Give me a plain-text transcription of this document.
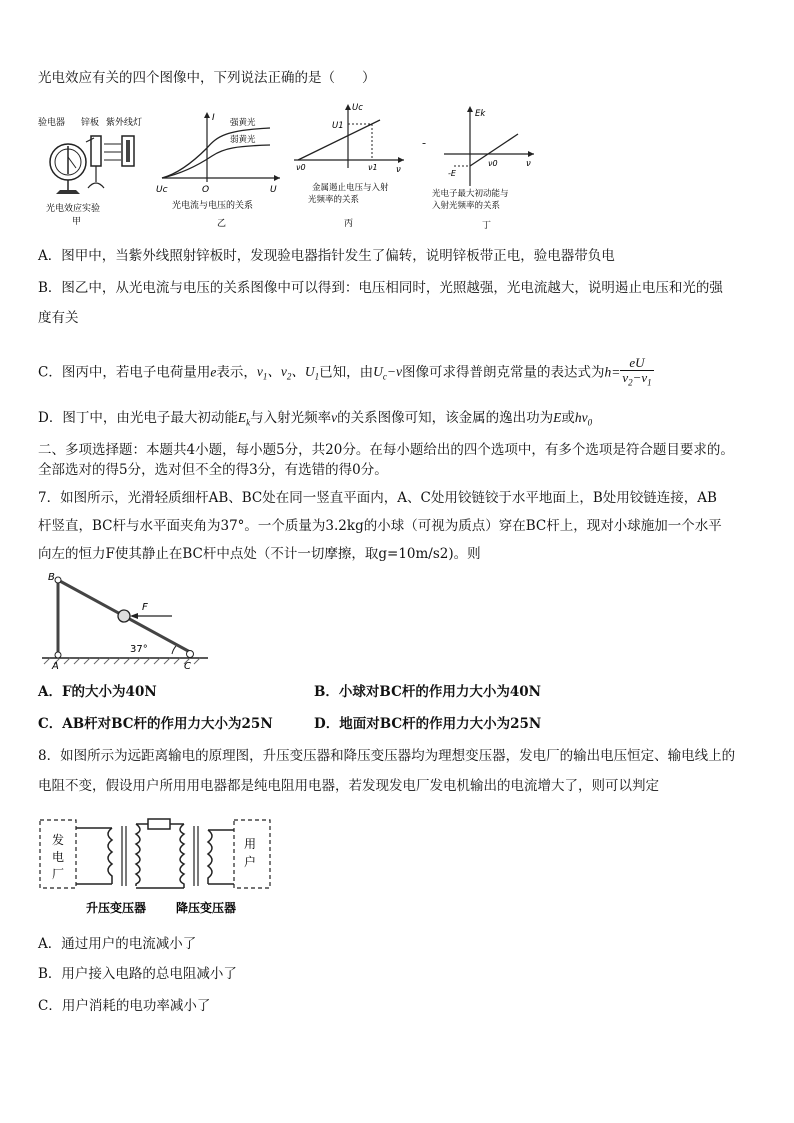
光电效应有关的四个图像中，下列说法正确的是（　　）
验电器 锌板 紫外线灯
光电效应实验
甲
I
U
O
Uc
强黄光
弱黄光
光电流与电压的关系
乙
Uc
ν
U1
ν0	ν1
金属遏止电压与入射
光频率的关系
丙
-
Ek
ν
-E
ν0
光电子最大初动能与
入射光频率的关系
丁
A．图甲中，当紫外线照射锌板时，发现验电器指针发生了偏转，说明锌板带正电，验电器带负电
B．图乙中，从光电流与电压的关系图像中可以得到：电压相同时，光照越强，光电流越大，说明遏止电压和光的强
度有关
C．图丙中，若电子电荷量用e表示，$\nu_1$、$\nu_2$、$U_1$已知，由$U_c-\nu$图像可求得普朗克常量的表达式为$h= \frac{eU}{\nu_2-\nu_1}$
D．图丁中，由光电子最大初动能$E_k$与入射光频率ν的关系图像可知，该金属的逸出功为E或$h\nu_0$
二、多项选择题：本题共4小题，每小题5分，共20分。在每小题给出的四个选项中，有多个选项是符合题目要求的。
全部选对的得5分，选对但不全的得3分，有选错的得0分。
7．如图所示，光滑轻质细杆AB、BC处在同一竖直平面内，A、C处用铰链铰于水平地面上，B处用铰链连接，AB
杆竖直，BC杆与水平面夹角为37°。一个质量为3.2kg的小球（可视为质点）穿在BC杆上，现对小球施加一个水平
向左的恒力F使其静止在BC杆中点处（不计一切摩擦，取g=10m/s2)。则
B
A	C
F
37°
A．F的大小为40N	B．小球对BC杆的作用力大小为40N
C．AB杆对BC杆的作用力大小为25N	D．地面对BC杆的作用力大小为25N
8．如图所示为远距离输电的原理图，升压变压器和降压变压器均为理想变压器，发电厂的输出电压恒定、输电线上的
电阻不变，假设用户所用用电器都是纯电阻用电器，若发现发电厂发电机输出的电流增大了，则可以判定
发
电
厂
用
户
升压变压器 降压变压器
A．通过用户的电流减小了
B．用户接入电路的总电阻减小了
C．用户消耗的电功率减小了
